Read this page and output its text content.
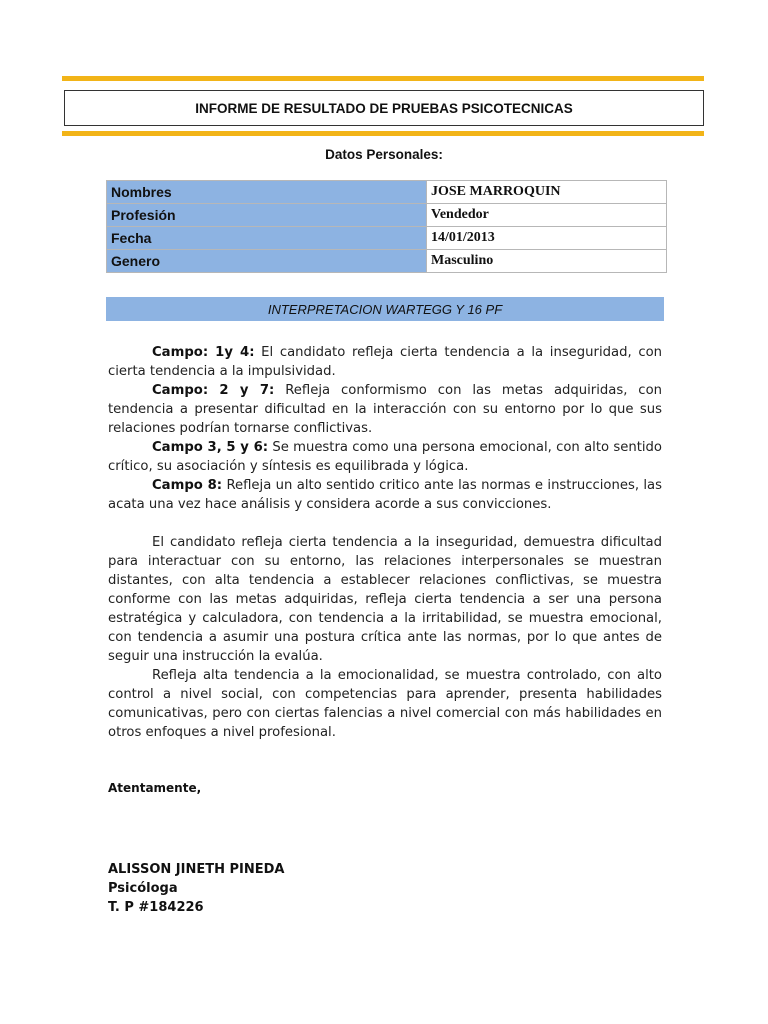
INFORME DE RESULTADO DE PRUEBAS PSICOTECNICAS
Datos Personales:
Nombres	JOSE MARROQUIN
Profesión	Vendedor
Fecha	14/01/2013
Genero	Masculino
INTERPRETACION WARTEGG Y 16 PF

Campo: 1y 4: El candidato refleja cierta tendencia a la inseguridad, con cierta tendencia a la impulsividad.

Campo: 2 y 7: Refleja conformismo con las metas adquiridas, con tendencia a presentar dificultad en la interacción con su entorno por lo que sus relaciones podrían tornarse conflictivas.

Campo 3, 5 y 6: Se muestra como una persona emocional, con alto sentido crítico, su asociación y síntesis es equilibrada y lógica.

Campo 8: Refleja un alto sentido critico ante las normas e instrucciones, las acata una vez hace análisis y considera acorde a sus convicciones.

El candidato refleja cierta tendencia a la inseguridad, demuestra dificultad para interactuar con su entorno, las relaciones interpersonales se muestran distantes, con alta tendencia a establecer relaciones conflictivas, se muestra conforme con las metas adquiridas, refleja cierta tendencia a ser una persona estratégica y calculadora, con tendencia a la irritabilidad, se muestra emocional, con tendencia a asumir una postura crítica ante las normas, por lo que antes de seguir una instrucción la evalúa.

Refleja alta tendencia a la emocionalidad, se muestra controlado, con alto control a nivel social, con competencias para aprender, presenta habilidades comunicativas, pero con ciertas falencias a nivel comercial con más habilidades en otros enfoques a nivel profesional.

Atentamente,
ALISSON JINETH PINEDA
Psicóloga
T. P #184226
